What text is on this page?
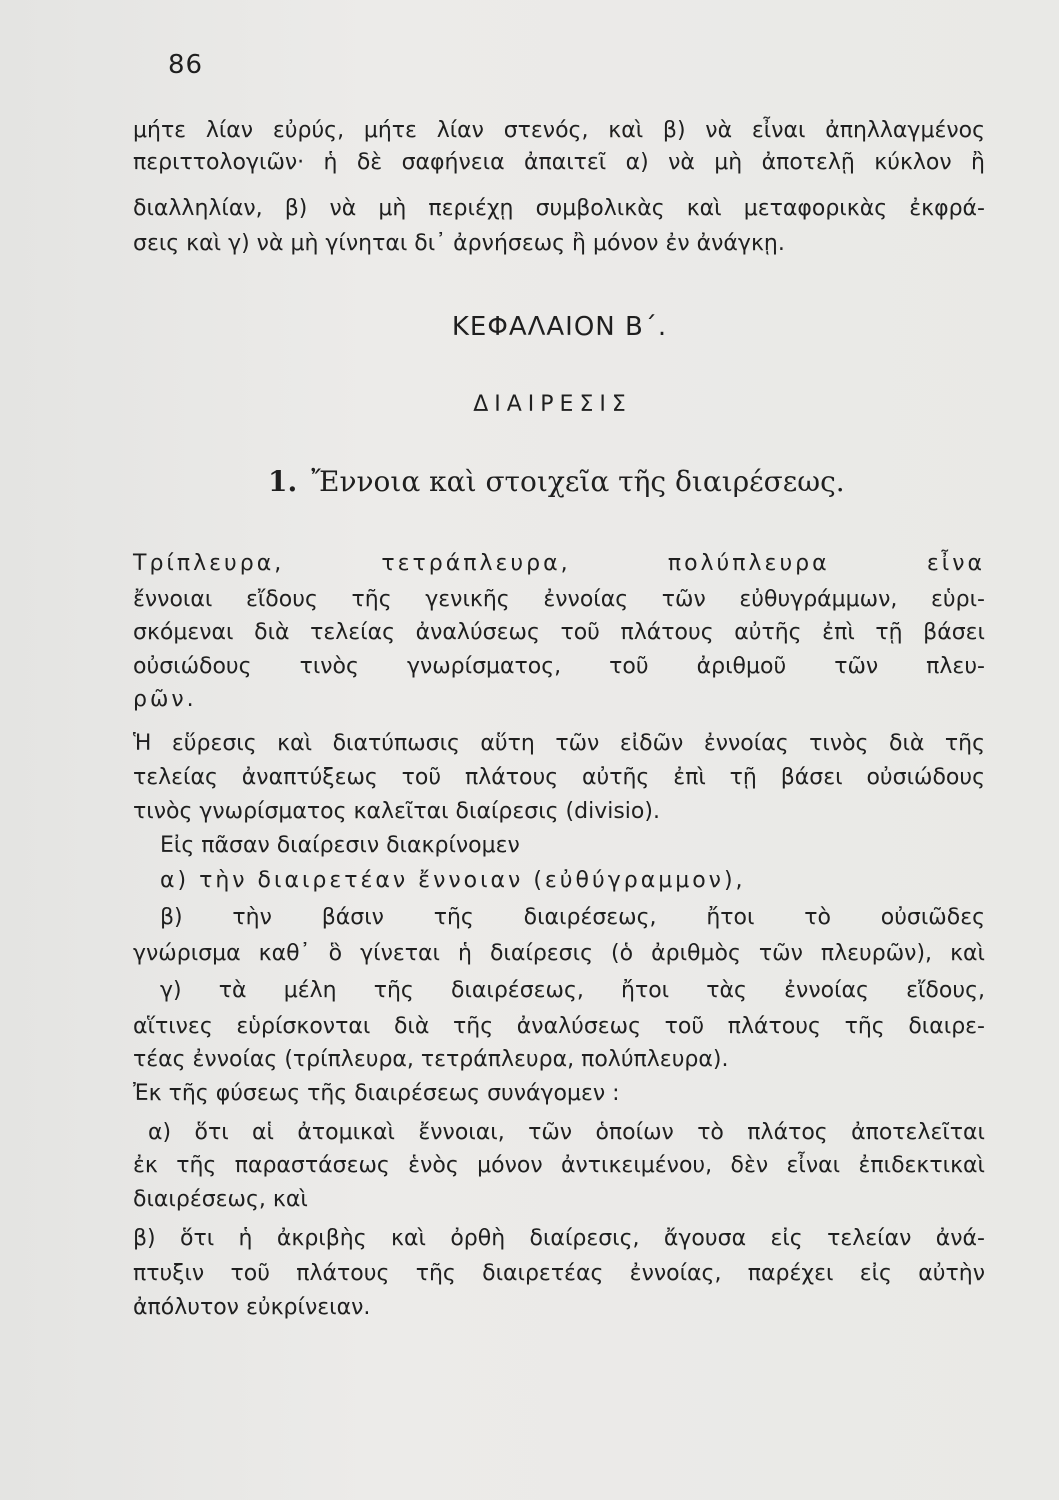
86
μήτε λίαν εὐρύς, μήτε λίαν στενός, καὶ β) νὰ εἶναι ἀπηλλαγμένος
περιττολογιῶν· ἡ δὲ σαφήνεια ἀπαιτεῖ α) νὰ μὴ ἀποτελῇ κύκλον ἢ
διαλληλίαν, β) νὰ μὴ περιέχῃ συμβολικὰς καὶ μεταφορικὰς ἐκφρά-
σεις καὶ γ) νὰ μὴ γίνηται δι᾽ ἀρνήσεως ἢ μόνον ἐν ἀνάγκῃ.
ΚΕΦΑΛΑΙΟΝ Β΄.
ΔΙΑΙΡΕΣΙΣ
1. Ἔννοια καὶ στοιχεῖα τῆς διαιρέσεως.
Τρίπλευρα, τετράπλευρα, πολύπλευρα εἶνα
ἔννοιαι εἴδους τῆς γενικῆς ἐννοίας τῶν εὐθυγράμμων, εὑρι-
σκόμεναι διὰ τελείας ἀναλύσεως τοῦ πλάτους αὐτῆς ἐπὶ τῇ βάσει
οὐσιώδους τινὸς γνωρίσματος, τοῦ ἀριθμοῦ τῶν πλευ-
ρῶν.
Ἡ εὕρεσις καὶ διατύπωσις αὕτη τῶν εἰδῶν ἐννοίας τινὸς διὰ τῆς
τελείας ἀναπτύξεως τοῦ πλάτους αὐτῆς ἐπὶ τῇ βάσει οὐσιώδους
τινὸς γνωρίσματος καλεῖται διαίρεσις (divisio).
Εἰς πᾶσαν διαίρεσιν διακρίνομεν
α) τὴν διαιρετέαν ἔννοιαν (εὐθύγραμμον),
β) τὴν βάσιν τῆς διαιρέσεως, ἤτοι τὸ οὐσιῶδες
γνώρισμα καθ᾽ ὃ γίνεται ἡ διαίρεσις (ὁ ἀριθμὸς τῶν πλευρῶν), καὶ
γ) τὰ μέλη τῆς διαιρέσεως, ἤτοι τὰς ἐννοίας εἴδους,
αἵτινες εὑρίσκονται διὰ τῆς ἀναλύσεως τοῦ πλάτους τῆς διαιρε-
τέας ἐννοίας (τρίπλευρα, τετράπλευρα, πολύπλευρα).
Ἐκ τῆς φύσεως τῆς διαιρέσεως συνάγομεν :
α) ὅτι αἱ ἀτομικαὶ ἔννοιαι, τῶν ὁποίων τὸ πλάτος ἀποτελεῖται
ἐκ τῆς παραστάσεως ἑνὸς μόνον ἀντικειμένου, δὲν εἶναι ἐπιδεκτικαὶ
διαιρέσεως, καὶ
β) ὅτι ἡ ἀκριβὴς καὶ ὀρθὴ διαίρεσις, ἄγουσα εἰς τελείαν ἀνά-
πτυξιν τοῦ πλάτους τῆς διαιρετέας ἐννοίας, παρέχει εἰς αὐτὴν
ἀπόλυτον εὐκρίνειαν.
